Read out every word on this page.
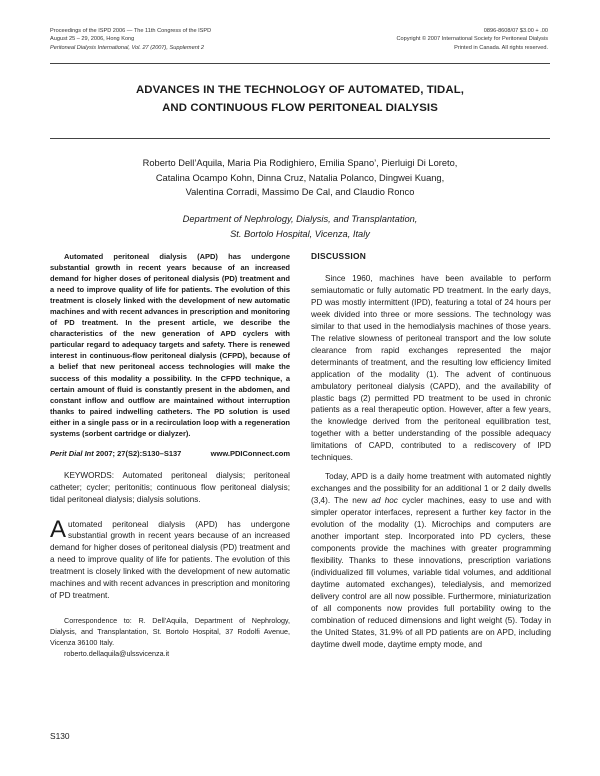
Proceedings of the ISPD 2006 — The 11th Congress of the ISPD
August 25 – 29, 2006, Hong Kong
Peritoneal Dialysis International, Vol. 27 (2007), Supplement 2
0896-8608/07 $3.00 + .00
Copyright © 2007 International Society for Peritoneal Dialysis
Printed in Canada. All rights reserved.
ADVANCES IN THE TECHNOLOGY OF AUTOMATED, TIDAL,
AND CONTINUOUS FLOW PERITONEAL DIALYSIS
Roberto Dell’Aquila, Maria Pia Rodighiero, Emilia Spano’, Pierluigi Di Loreto,
Catalina Ocampo Kohn, Dinna Cruz, Natalia Polanco, Dingwei Kuang,
Valentina Corradi, Massimo De Cal, and Claudio Ronco
Department of Nephrology, Dialysis, and Transplantation,
St. Bortolo Hospital, Vicenza, Italy

Automated peritoneal dialysis (APD) has undergone substantial growth in recent years because of an increased demand for higher doses of peritoneal dialysis (PD) treatment and a need to improve quality of life for patients. The evolution of this treatment is closely linked with the development of new automatic machines and with recent advances in prescription and monitoring of PD treatment. In the present article, we describe the characteristics of the new generation of APD cyclers with particular regard to adequacy targets and safety. There is renewed interest in continuous-flow peritoneal dialysis (CFPD), because of a belief that new peritoneal access technologies will make the success of this modality a possibility. In the CFPD technique, a certain amount of fluid is constantly present in the abdomen, and constant inflow and outflow are maintained without interruption thanks to paired indwelling catheters. The PD solution is used either in a single pass or in a recirculation loop with a regeneration systems (sorbent cartridge or dialyzer).

Perit Dial Int 2007; 27(S2):S130–S137	www.PDIConnect.com

KEYWORDS: Automated peritoneal dialysis; peritoneal catheter; cycler; peritonitis; continuous flow peritoneal dialysis; tidal peritoneal dialysis; dialysis solutions.

Automated peritoneal dialysis (APD) has undergone substantial growth in recent years because of an increased demand for higher doses of peritoneal dialysis (PD) treatment and a need to improve quality of life for patients. The evolution of this treatment is closely linked with the development of new automatic machines and with recent advances in prescription and monitoring of PD treatment.

Correspondence to: R. Dell’Aquila, Department of Nephrology, Dialysis, and Transplantation, St. Bortolo Hospital, 37 Rodolfi Avenue, Vicenza 36100 Italy.
roberto.dellaquila@ulssvicenza.it

DISCUSSION

Since 1960, machines have been available to perform semiautomatic or fully automatic PD treatment. In the early days, PD was mostly intermittent (IPD), featuring a total of 24 hours per week divided into three or more sessions. The technology was similar to that used in the hemodialysis machines of those years. The relative slowness of peritoneal transport and the low solute clearance from rapid exchanges represented the major determinants of treatment, and the resulting low efficiency limited application of the modality (1). The advent of continuous ambulatory peritoneal dialysis (CAPD), and the availability of plastic bags (2) permitted PD treatment to be used in chronic patients as a real therapeutic option. However, after a few years, the knowledge derived from the peritoneal equilibration test, together with a better understanding of the possible adequacy limitations of CAPD, contributed to a rediscovery of IPD techniques.

Today, APD is a daily home treatment with automated nightly exchanges and the possibility for an additional 1 or 2 daily dwells (3,4). The new ad hoc cycler machines, easy to use and with simpler operator interfaces, represent a further key factor in the evolution of the modality (1). Microchips and computers are another important step. Incorporated into PD cyclers, these components provide the machines with greater programming flexibility. Thanks to these innovations, prescription variations (individualized fill volumes, variable tidal volumes, and additional daytime automated exchanges), teledialysis, and memorized delivery control are all now possible. Furthermore, miniaturization of all components now provides full portability owing to the combination of reduced dimensions and light weight (5). Today in the United States, 31.9% of all PD patients are on APD, including daytime dwell mode, daytime empty mode, and

S130
